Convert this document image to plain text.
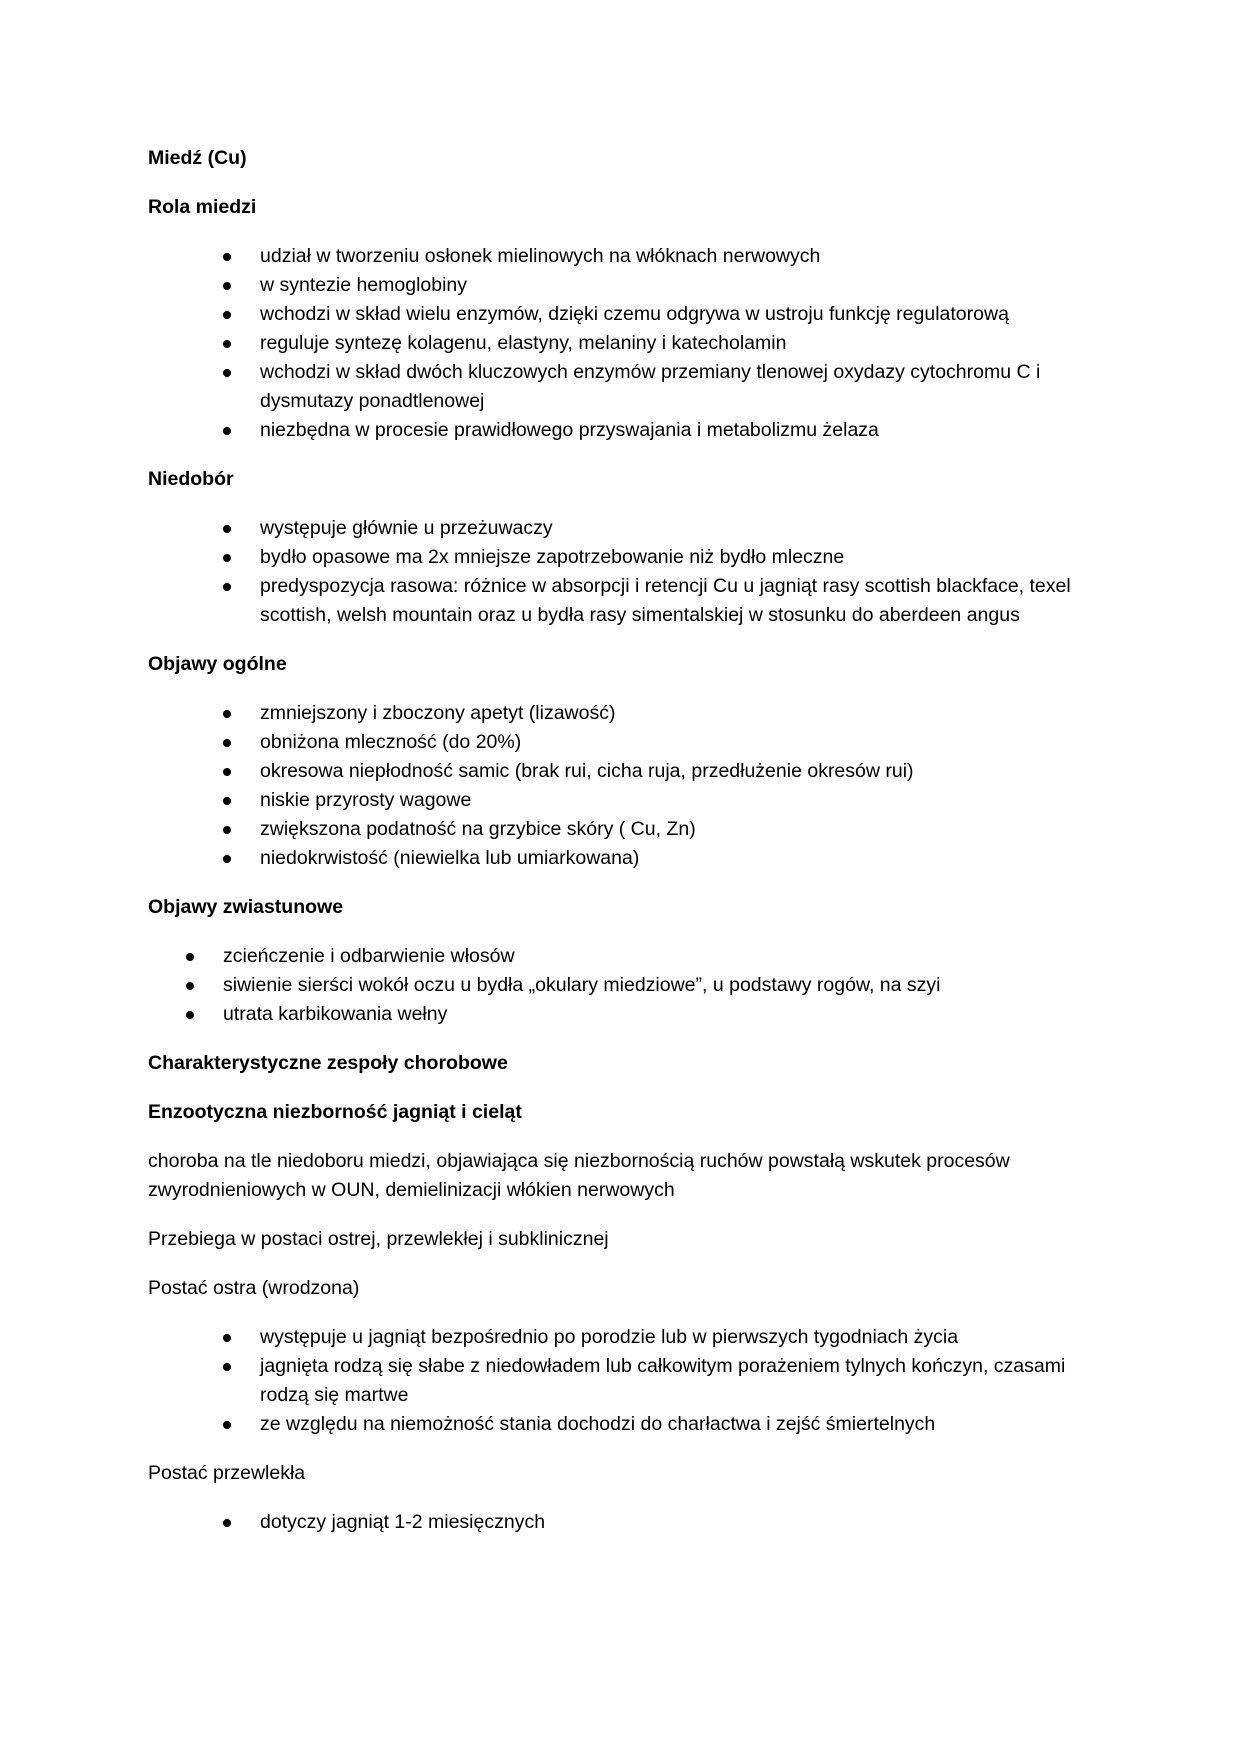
Miedź (Cu)
Rola miedzi
udział w tworzeniu osłonek mielinowych na włóknach nerwowych
w syntezie hemoglobiny
wchodzi w skład wielu enzymów, dzięki czemu odgrywa w ustroju funkcję regulatorową
reguluje syntezę kolagenu, elastyny, melaniny i katecholamin
wchodzi w skład dwóch kluczowych enzymów przemiany tlenowej oxydazy cytochromu C i dysmutazy ponadtlenowej
niezbędna w procesie prawidłowego przyswajania i metabolizmu żelaza
Niedobór
występuje głównie u przeżuwaczy
bydło opasowe ma 2x mniejsze zapotrzebowanie niż bydło mleczne
predyspozycja rasowa: różnice w absorpcji i retencji Cu u jagniąt rasy scottish blackface, texel scottish, welsh mountain oraz u bydła rasy simentalskiej w stosunku do aberdeen angus
Objawy ogólne
zmniejszony i zboczony apetyt (lizawość)
obniżona mleczność (do 20%)
okresowa niepłodność samic (brak rui, cicha ruja, przedłużenie okresów rui)
niskie przyrosty wagowe
zwiększona podatność na grzybice skóry ( Cu, Zn)
niedokrwistość (niewielka lub umiarkowana)
Objawy zwiastunowe
zcieńczenie i odbarwienie włosów
siwienie sierści wokół oczu u bydła „okulary miedziowe”, u podstawy rogów, na szyi
utrata karbikowania wełny
Charakterystyczne zespoły chorobowe
Enzootyczna niezborność jagniąt i cieląt
choroba na tle niedoboru miedzi, objawiająca się niezbornością ruchów powstałą wskutek procesów zwyrodnieniowych w OUN, demielinizacji włókien nerwowych
Przebiega w postaci ostrej, przewlekłej i subklinicznej
Postać ostra (wrodzona)
występuje u jagniąt bezpośrednio po porodzie lub w pierwszych tygodniach życia
jagnięta rodzą się słabe z niedowładem lub całkowitym porażeniem tylnych kończyn, czasami rodzą się martwe
ze względu na niemożność stania dochodzi do charłactwa i zejść śmiertelnych
Postać przewlekła
dotyczy jagniąt 1-2 miesięcznych
